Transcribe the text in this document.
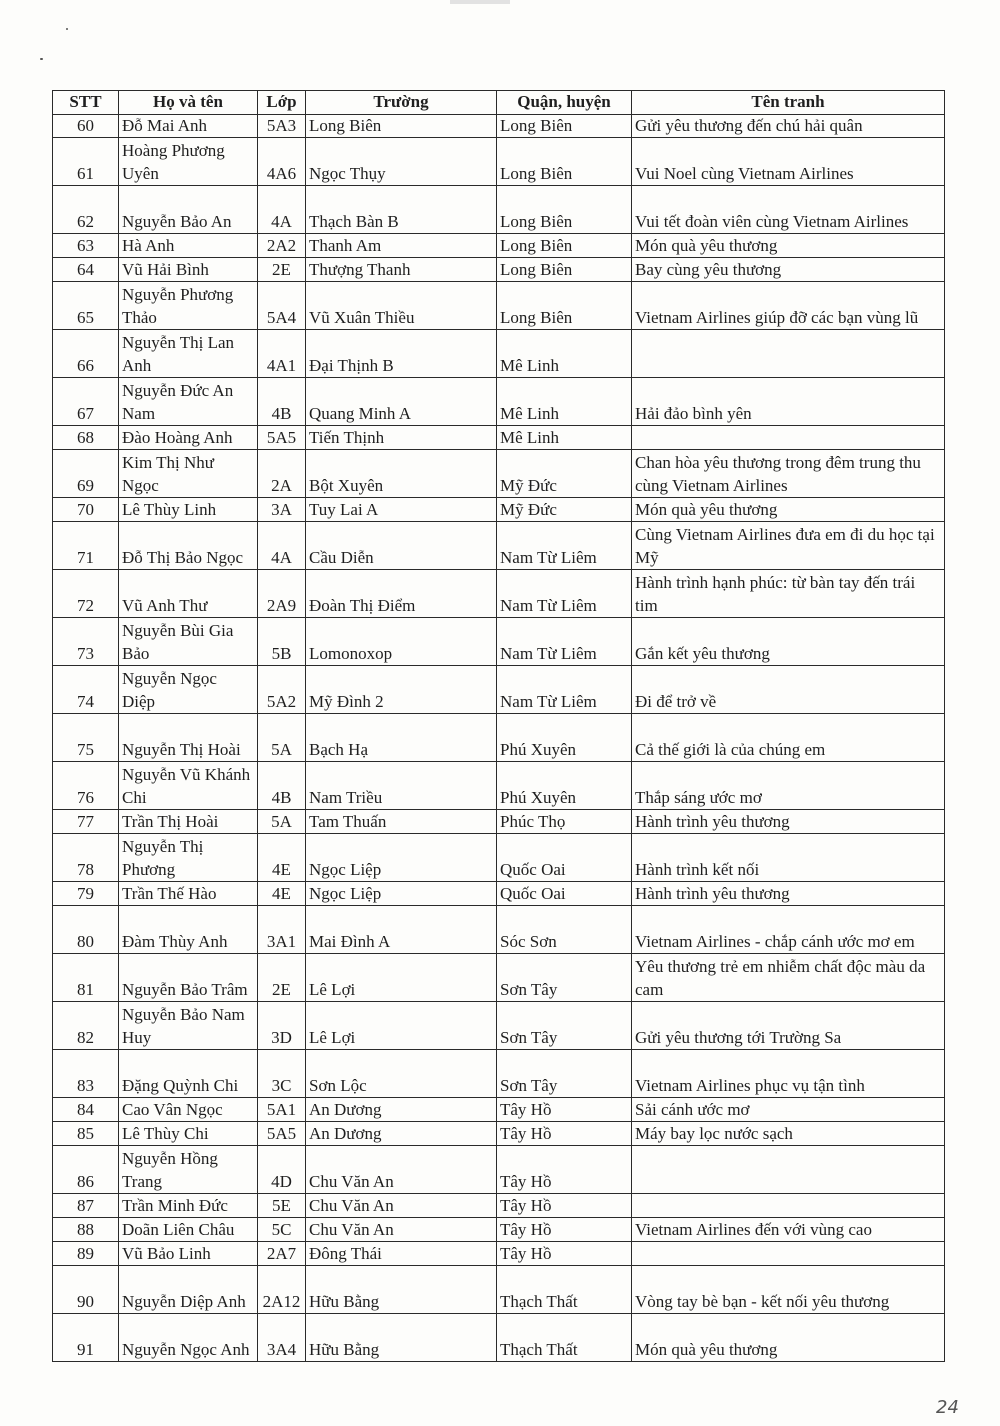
STT	Họ và tên	Lớp	Trường	Quận, huyện	Tên tranh
60	Đỗ Mai Anh	5A3	Long Biên	Long Biên	Gửi yêu thương đến chú hải quân
61	Hoàng Phương Uyên	4A6	Ngọc Thụy	Long Biên	Vui Noel cùng Vietnam Airlines
62	Nguyễn Bảo An	4A	Thạch Bàn B	Long Biên	Vui tết đoàn viên cùng Vietnam Airlines
63	Hà Anh	2A2	Thanh Am	Long Biên	Món quà yêu thương
64	Vũ Hải Bình	2E	Thượng Thanh	Long Biên	Bay cùng yêu thương
65	Nguyễn Phương Thảo	5A4	Vũ Xuân Thiều	Long Biên	Vietnam Airlines giúp đỡ các bạn vùng lũ
66	Nguyễn Thị Lan Anh	4A1	Đại Thịnh B	Mê Linh	
67	Nguyễn Đức An Nam	4B	Quang Minh A	Mê Linh	Hải đảo bình yên
68	Đào Hoàng Anh	5A5	Tiến Thịnh	Mê Linh	
69	Kim Thị Như Ngọc	2A	Bột Xuyên	Mỹ Đức	Chan hòa yêu thương trong đêm trung thu cùng Vietnam Airlines
70	Lê Thùy Linh	3A	Tuy Lai A	Mỹ Đức	Món quà yêu thương
71	Đỗ Thị Bảo Ngọc	4A	Cầu Diễn	Nam Từ Liêm	Cùng Vietnam Airlines đưa em đi du học tại Mỹ
72	Vũ Anh Thư	2A9	Đoàn Thị Điểm	Nam Từ Liêm	Hành trình hạnh phúc: từ bàn tay đến trái tim
73	Nguyễn Bùi Gia Bảo	5B	Lomonoxop	Nam Từ Liêm	Gắn kết yêu thương
74	Nguyễn Ngọc Diệp	5A2	Mỹ Đình 2	Nam Từ Liêm	Đi để trở về
75	Nguyễn Thị Hoài	5A	Bạch Hạ	Phú Xuyên	Cả thế giới là của chúng em
76	Nguyễn Vũ Khánh Chi	4B	Nam Triều	Phú Xuyên	Thắp sáng ước mơ
77	Trần Thị Hoài	5A	Tam Thuấn	Phúc Thọ	Hành trình yêu thương
78	Nguyễn Thị Phương	4E	Ngọc Liệp	Quốc Oai	Hành trình kết nối
79	Trần Thế Hào	4E	Ngọc Liệp	Quốc Oai	Hành trình yêu thương
80	Đàm Thùy Anh	3A1	Mai Đình A	Sóc Sơn	Vietnam Airlines - chắp cánh ước mơ em
81	Nguyễn Bảo Trâm	2E	Lê Lợi	Sơn Tây	Yêu thương trẻ em nhiễm chất độc màu da cam
82	Nguyễn Bảo Nam Huy	3D	Lê Lợi	Sơn Tây	Gửi yêu thương tới Trường Sa
83	Đặng Quỳnh Chi	3C	Sơn Lộc	Sơn Tây	Vietnam Airlines phục vụ tận tình
84	Cao Vân Ngọc	5A1	An Dương	Tây Hồ	Sải cánh ước mơ
85	Lê Thùy Chi	5A5	An Dương	Tây Hồ	Máy bay lọc nước sạch
86	Nguyễn Hồng Trang	4D	Chu Văn An	Tây Hồ	
87	Trần Minh Đức	5E	Chu Văn An	Tây Hồ	
88	Doãn Liên Châu	5C	Chu Văn An	Tây Hồ	Vietnam Airlines đến với vùng cao
89	Vũ Bảo Linh	2A7	Đông Thái	Tây Hồ	
90	Nguyễn Diệp Anh	2A12	Hữu Bằng	Thạch Thất	Vòng tay bè bạn - kết nối yêu thương
91	Nguyễn Ngọc Anh	3A4	Hữu Bằng	Thạch Thất	Món quà yêu thương
24
